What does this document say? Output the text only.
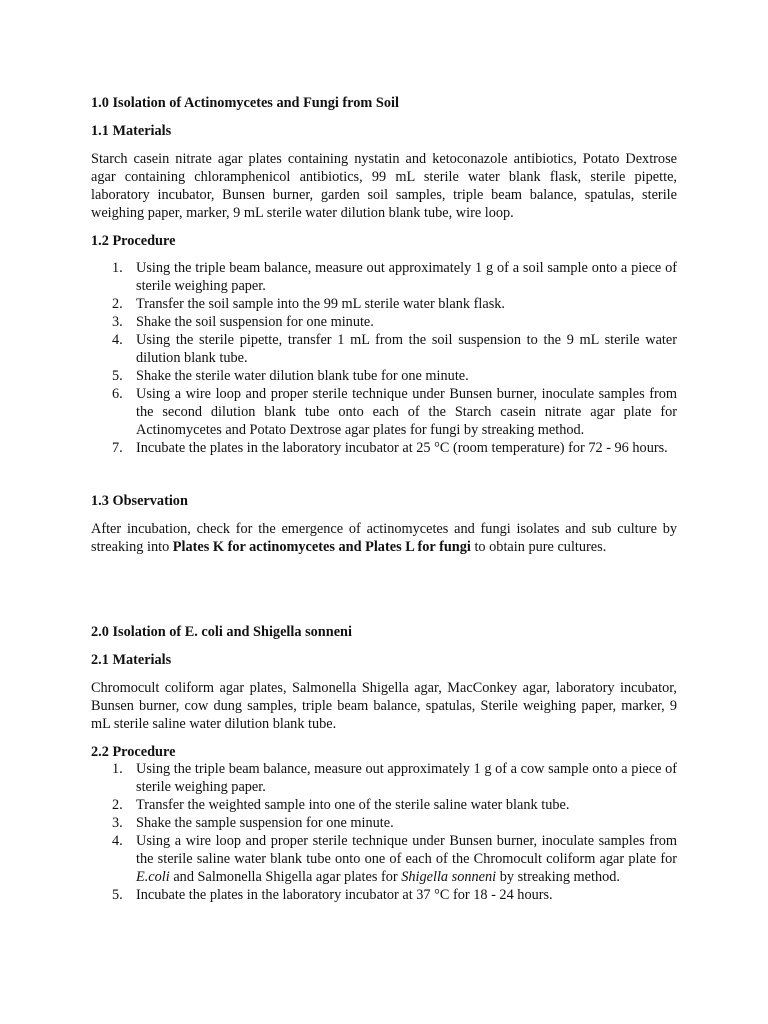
1.0 Isolation of Actinomycetes and Fungi from Soil
1.1 Materials

Starch casein nitrate agar plates containing nystatin and ketoconazole antibiotics, Potato Dextrose agar containing chloramphenicol antibiotics, 99 mL sterile water blank flask, sterile pipette, laboratory incubator, Bunsen burner, garden soil samples, triple beam balance, spatulas, sterile weighing paper, marker, 9 mL sterile water dilution blank tube, wire loop.

1.2 Procedure
1. Using the triple beam balance, measure out approximately 1 g of a soil sample onto a piece of sterile weighing paper.
2. Transfer the soil sample into the 99 mL sterile water blank flask.
3. Shake the soil suspension for one minute.
4. Using the sterile pipette, transfer 1 mL from the soil suspension to the 9 mL sterile water dilution blank tube.
5. Shake the sterile water dilution blank tube for one minute.
6. Using a wire loop and proper sterile technique under Bunsen burner, inoculate samples from the second dilution blank tube onto each of the Starch casein nitrate agar plate for Actinomycetes and Potato Dextrose agar plates for fungi by streaking method.
7. Incubate the plates in the laboratory incubator at 25 °C (room temperature) for 72 - 96 hours.
1.3 Observation

After incubation, check for the emergence of actinomycetes and fungi isolates and sub culture by streaking into Plates K for actinomycetes and Plates L for fungi to obtain pure cultures.

2.0 Isolation of E. coli and Shigella sonneni
2.1 Materials

Chromocult coliform agar plates, Salmonella Shigella agar, MacConkey agar, laboratory incubator, Bunsen burner, cow dung samples, triple beam balance, spatulas, Sterile weighing paper, marker, 9 mL sterile saline water dilution blank tube.

2.2 Procedure
1. Using the triple beam balance, measure out approximately 1 g of a cow sample onto a piece of sterile weighing paper.
2. Transfer the weighted sample into one of the sterile saline water blank tube.
3. Shake the sample suspension for one minute.
4. Using a wire loop and proper sterile technique under Bunsen burner, inoculate samples from the sterile saline water blank tube onto one of each of the Chromocult coliform agar plate for E.coli and Salmonella Shigella agar plates for Shigella sonneni by streaking method.
5. Incubate the plates in the laboratory incubator at 37 °C for 18 - 24 hours.
